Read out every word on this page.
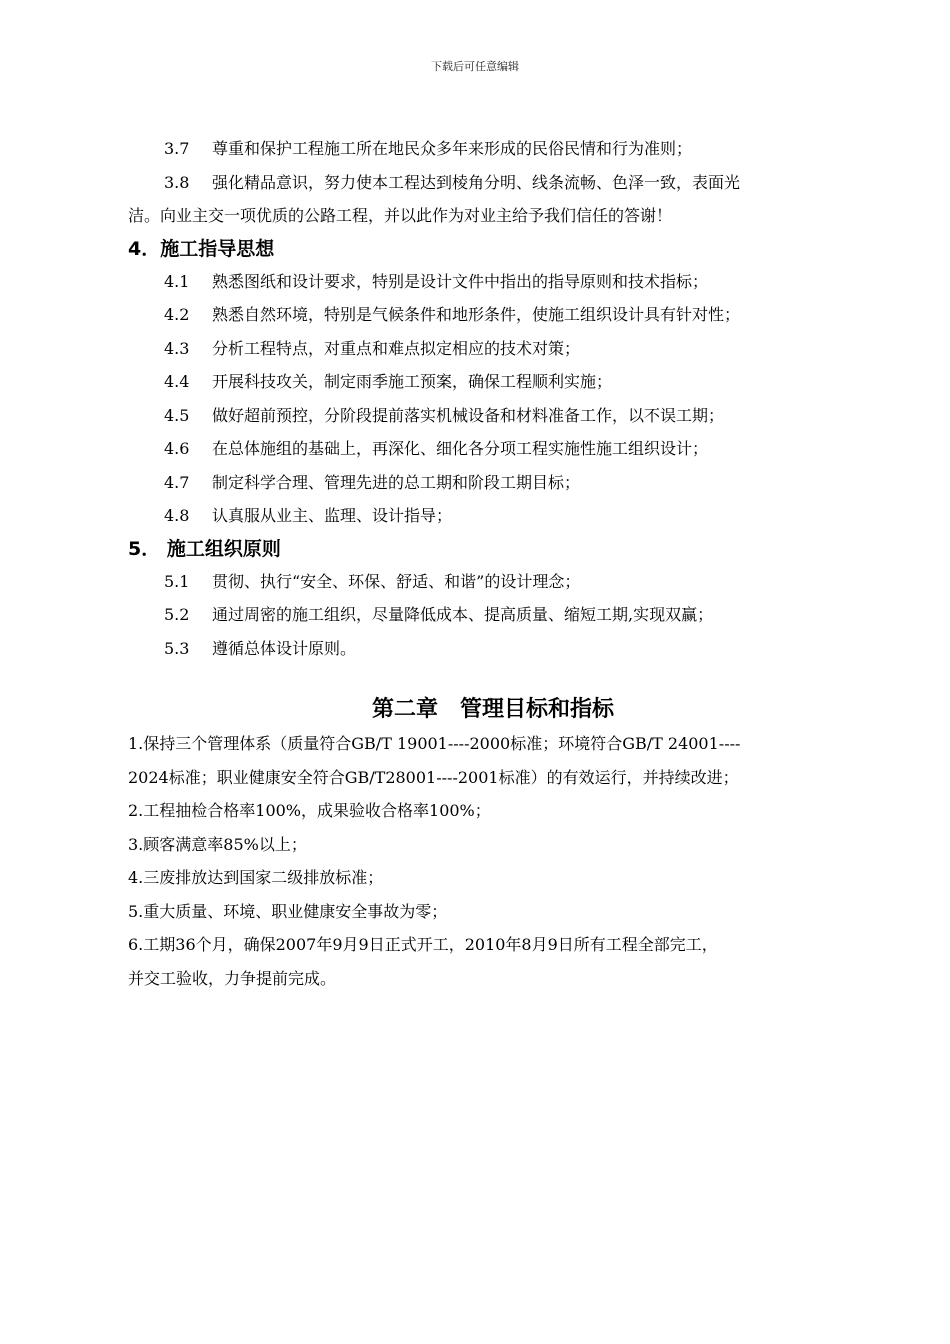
下载后可任意编辑
3.7 尊重和保护工程施工所在地民众多年来形成的民俗民情和行为准则；
3.8 强化精品意识，努力使本工程达到棱角分明、线条流畅、色泽一致，表面光
洁。向业主交一项优质的公路工程，并以此作为对业主给予我们信任的答谢！
4．施工指导思想
4.1 熟悉图纸和设计要求，特别是设计文件中指出的指导原则和技术指标；
4.2 熟悉自然环境，特别是气候条件和地形条件，使施工组织设计具有针对性；
4.3 分析工程特点，对重点和难点拟定相应的技术对策；
4.4 开展科技攻关，制定雨季施工预案，确保工程顺利实施；
4.5 做好超前预控，分阶段提前落实机械设备和材料准备工作，以不误工期；
4.6 在总体施组的基础上，再深化、细化各分项工程实施性施工组织设计；
4.7 制定科学合理、管理先进的总工期和阶段工期目标；
4.8 认真服从业主、监理、设计指导；
5． 施工组织原则
5.1 贯彻、执行“安全、环保、舒适、和谐”的设计理念；
5.2 通过周密的施工组织，尽量降低成本、提高质量、缩短工期,实现双赢；
5.3 遵循总体设计原则。
第二章　管理目标和指标
1.保持三个管理体系（质量符合GB/T 19001----2000标准；环境符合GB/T 24001----
2024标准；职业健康安全符合GB/T28001----2001标准）的有效运行，并持续改进；
2.工程抽检合格率100%，成果验收合格率100%；
3.顾客满意率85%以上；
4.三废排放达到国家二级排放标准；
5.重大质量、环境、职业健康安全事故为零；
6.工期36个月，确保2007年9月9日正式开工，2010年8月9日所有工程全部完工，
并交工验收，力争提前完成。
